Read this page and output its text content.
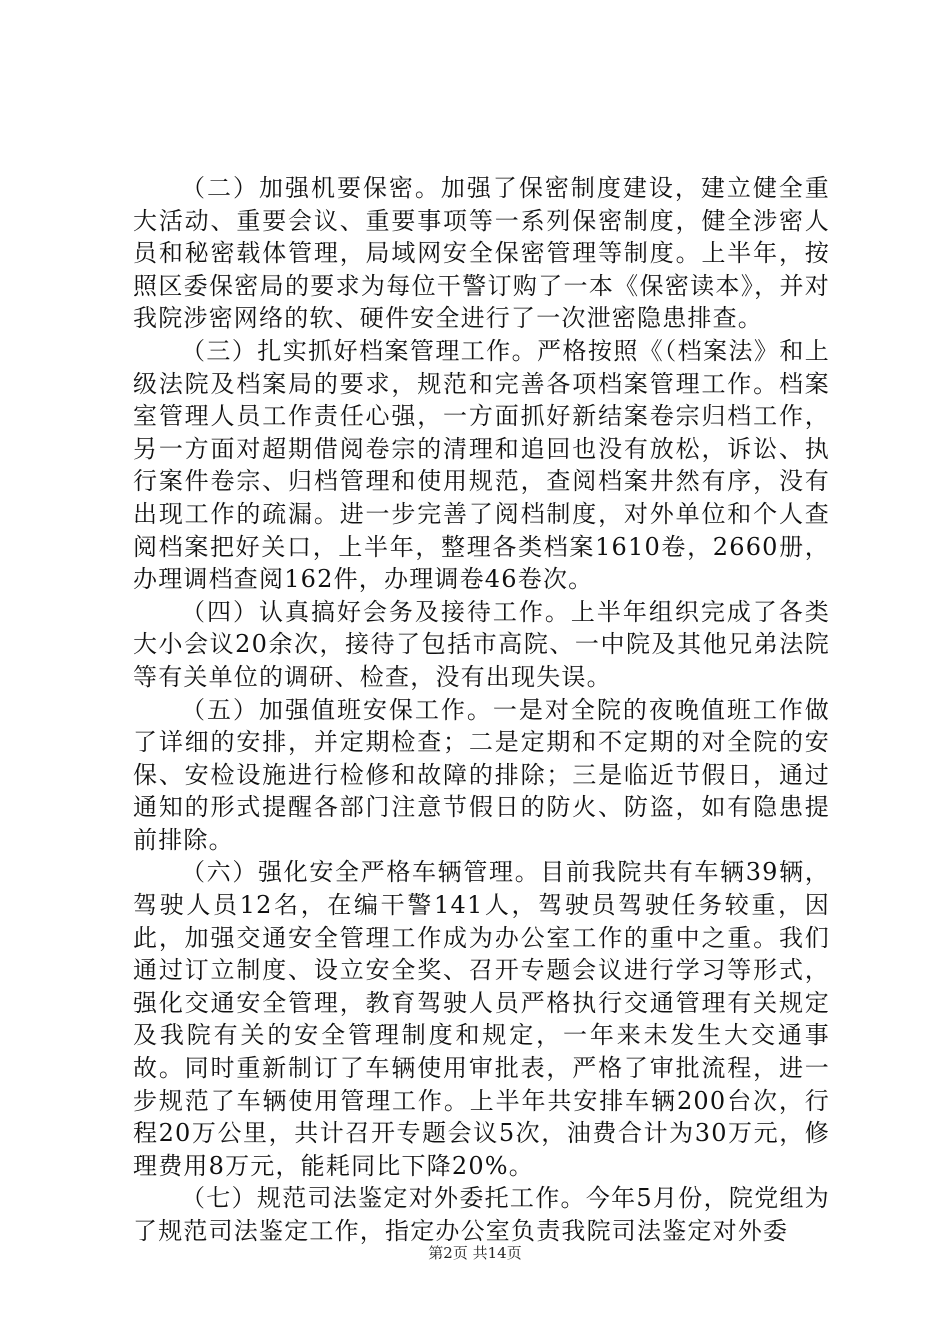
（二）加强机要保密。加强了保密制度建设，建立健全重大活动、重要会议、重要事项等一系列保密制度，健全涉密人员和秘密载体管理，局域网安全保密管理等制度。上半年，按照区委保密局的要求为每位干警订购了一本《保密读本》，并对我院涉密网络的软、硬件安全进行了一次泄密隐患排查。

（三）扎实抓好档案管理工作。严格按照《（档案法》和上级法院及档案局的要求，规范和完善各项档案管理工作。档案室管理人员工作责任心强，一方面抓好新结案卷宗归档工作，另一方面对超期借阅卷宗的清理和追回也没有放松，诉讼、执行案件卷宗、归档管理和使用规范，查阅档案井然有序，没有出现工作的疏漏。进一步完善了阅档制度，对外单位和个人查阅档案把好关口，上半年，整理各类档案1610卷，2660册，办理调档查阅162件，办理调卷46卷次。

（四）认真搞好会务及接待工作。上半年组织完成了各类大小会议20余次，接待了包括市高院、一中院及其他兄弟法院等有关单位的调研、检查，没有出现失误。

（五）加强值班安保工作。一是对全院的夜晚值班工作做了详细的安排，并定期检查；二是定期和不定期的对全院的安保、安检设施进行检修和故障的排除；三是临近节假日，通过通知的形式提醒各部门注意节假日的防火、防盗，如有隐患提前排除。

（六）强化安全严格车辆管理。目前我院共有车辆39辆，驾驶人员12名，在编干警141人，驾驶员驾驶任务较重，因此，加强交通安全管理工作成为办公室工作的重中之重。我们通过订立制度、设立安全奖、召开专题会议进行学习等形式，强化交通安全管理，教育驾驶人员严格执行交通管理有关规定及我院有关的安全管理制度和规定，一年来未发生大交通事故。同时重新制订了车辆使用审批表，严格了审批流程，进一步规范了车辆使用管理工作。上半年共安排车辆200台次，行程20万公里，共计召开专题会议5次，油费合计为30万元，修理费用8万元，能耗同比下降20%。

（七）规范司法鉴定对外委托工作。今年5月份，院党组为了规范司法鉴定工作，指定办公室负责我院司法鉴定对外委

第2页 共14页
